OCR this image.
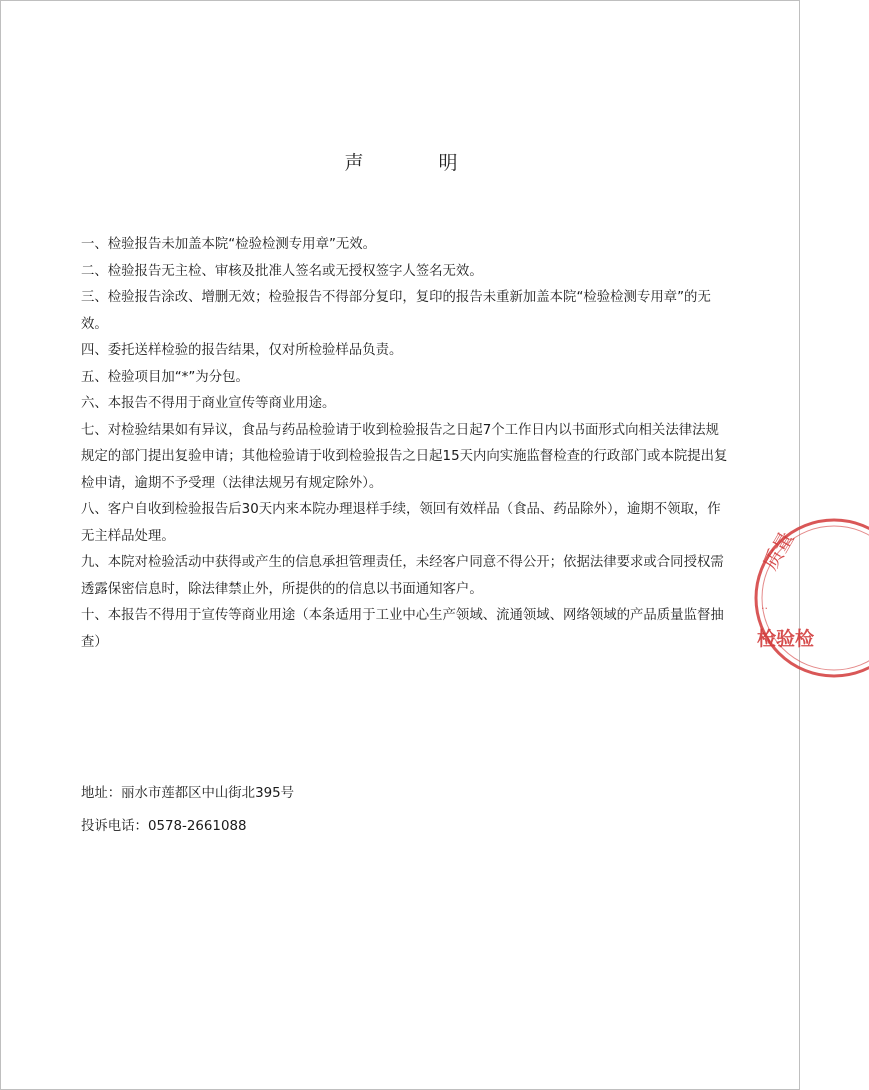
声　明

一、检验报告未加盖本院“检验检测专用章”无效。

二、检验报告无主检、审核及批准人签名或无授权签字人签名无效。

三、检验报告涂改、增删无效；检验报告不得部分复印，复印的报告未重新加盖本院“检验检测专用章”的无效。

四、委托送样检验的报告结果，仅对所检验样品负责。

五、检验项目加“*”为分包。

六、本报告不得用于商业宣传等商业用途。

七、对检验结果如有异议，食品与药品检验请于收到检验报告之日起7个工作日内以书面形式向相关法律法规规定的部门提出复验申请；其他检验请于收到检验报告之日起15天内向实施监督检查的行政部门或本院提出复检申请，逾期不予受理（法律法规另有规定除外）。

八、客户自收到检验报告后30天内来本院办理退样手续，领回有效样品（食品、药品除外），逾期不领取，作无主样品处理。

九、本院对检验活动中获得或产生的信息承担管理责任，未经客户同意不得公开；依据法律要求或合同授权需透露保密信息时，除法律禁止外，所提供的的信息以书面通知客户。

十、本报告不得用于宣传等商业用途（本条适用于工业中心生产领域、流通领域、网络领域的产品质量监督抽查）

地址：丽水市莲都区中山街北395号

投诉电话：0578-2661088

质量
..
检验检
